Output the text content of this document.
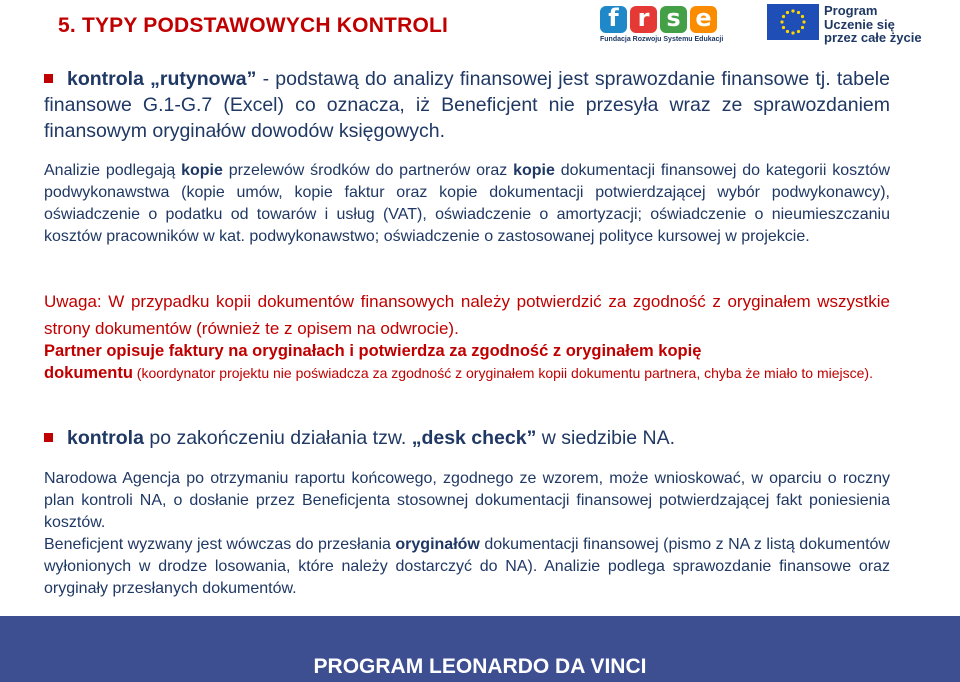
5. TYPY PODSTAWOWYCH KONTROLI	f r s e
Fundacja Rozwoju Systemu Edukacji
Program
Uczenie się
przez całe życie
kontrola „rutynowa” - podstawą do analizy finansowej jest sprawozdanie finansowe tj. tabele finansowe G.1-G.7 (Excel) co oznacza, iż Beneficjent nie przesyła wraz ze sprawozdaniem finansowym oryginałów dowodów księgowych.
Analizie podlegają kopie przelewów środków do partnerów oraz kopie dokumentacji finansowej do kategorii kosztów podwykonawstwa (kopie umów, kopie faktur oraz kopie dokumentacji potwierdzającej wybór podwykonawcy), oświadczenie o podatku od towarów i usług (VAT), oświadczenie o amortyzacji; oświadczenie o nieumieszczaniu kosztów pracowników w kat. podwykonawstwo; oświadczenie o zastosowanej polityce kursowej w projekcie.
Uwaga: W przypadku kopii dokumentów finansowych należy potwierdzić za zgodność z oryginałem wszystkie strony dokumentów (również te z opisem na odwrocie).
Partner opisuje faktury na oryginałach i potwierdza za zgodność z oryginałem kopię
dokumentu (koordynator projektu nie poświadcza za zgodność z oryginałem kopii dokumentu partnera, chyba że miało to miejsce).
kontrola po zakończeniu działania tzw. „desk check” w siedzibie NA.
Narodowa Agencja po otrzymaniu raportu końcowego, zgodnego ze wzorem, może wnioskować, w oparciu o roczny plan kontroli NA, o dosłanie przez Beneficjenta stosownej dokumentacji finansowej potwierdzającej fakt poniesienia kosztów.
Beneficjent wyzwany jest wówczas do przesłania oryginałów dokumentacji finansowej (pismo z NA z listą dokumentów wyłonionych w drodze losowania, które należy dostarczyć do NA). Analizie podlega sprawozdanie finansowe oraz oryginały przesłanych dokumentów.
PROGRAM LEONARDO DA VINCI
